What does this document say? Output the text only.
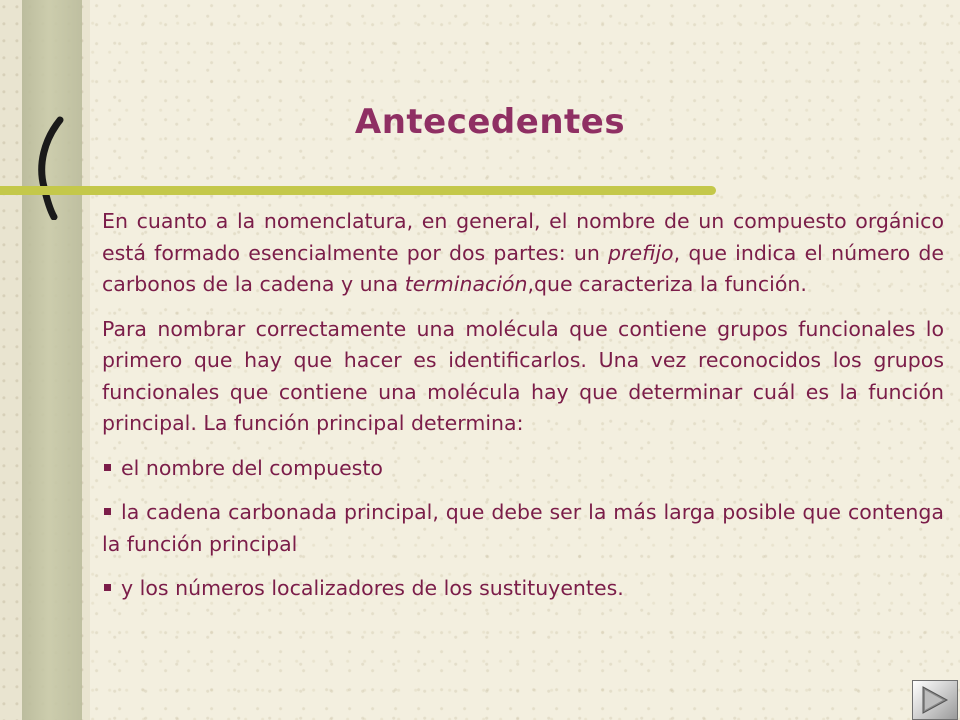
Antecedentes

En cuanto a la nomenclatura, en general, el nombre de un compuesto orgánico está formado esencialmente por dos partes: un prefijo, que indica el número de carbonos de la cadena y una terminación,que caracteriza la función.

Para nombrar correctamente una molécula que contiene grupos funcionales lo primero que hay que hacer es identificarlos. Una vez reconocidos los grupos funcionales que contiene una molécula hay que determinar cuál es la función principal. La función principal determina:

el nombre del compuesto
la cadena carbonada principal, que debe ser la más larga posible que contenga la función principal
y los números localizadores de los sustituyentes.
